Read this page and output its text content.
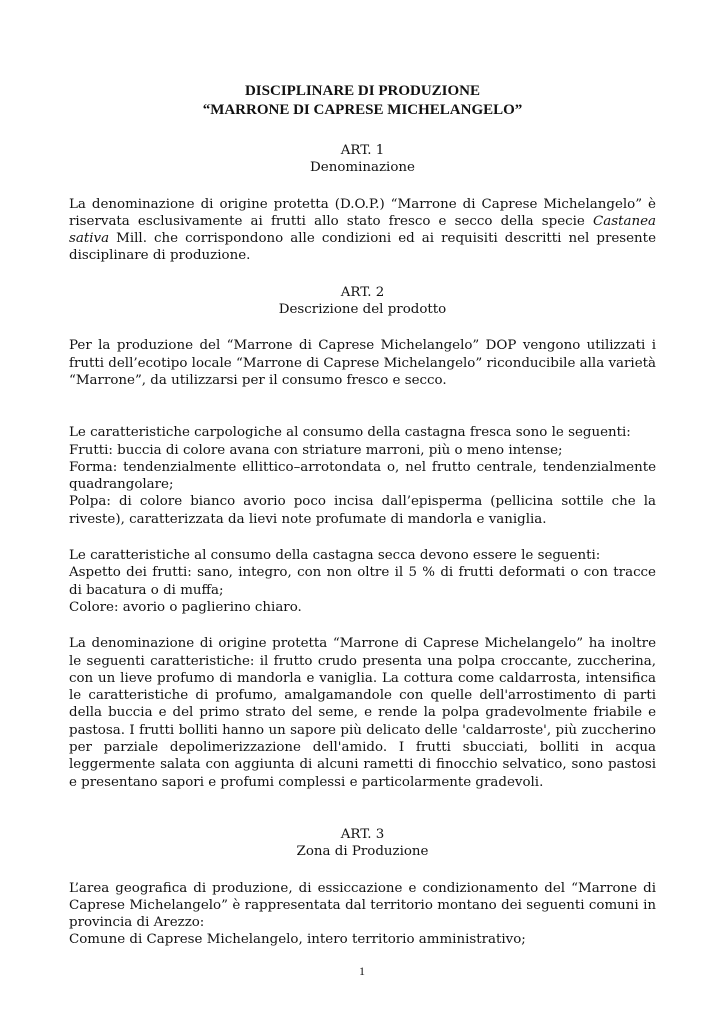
DISCIPLINARE DI PRODUZIONE
“MARRONE DI CAPRESE MICHELANGELO”
ART. 1
Denominazione

La denominazione di origine protetta (D.O.P.) “Marrone di Caprese Michelangelo” è riservata esclusivamente ai frutti allo stato fresco e secco della specie Castanea sativa Mill. che corrispondono alle condizioni ed ai requisiti descritti nel presente disciplinare di produzione.

ART. 2
Descrizione del prodotto

Per la produzione del “Marrone di Caprese Michelangelo” DOP vengono utilizzati i frutti dell’ecotipo locale “Marrone di Caprese Michelangelo” riconducibile alla varietà “Marrone”, da utilizzarsi per il consumo fresco e secco.

Le caratteristiche carpologiche al consumo della castagna fresca sono le seguenti:

Frutti: buccia di colore avana con striature marroni, più o meno intense;

Forma: tendenzialmente ellittico–arrotondata o, nel frutto centrale, tendenzialmente quadrangolare;

Polpa: di colore bianco avorio poco incisa dall’episperma (pellicina sottile che la riveste), caratterizzata da lievi note profumate di mandorla e vaniglia.

Le caratteristiche al consumo della castagna secca devono essere le seguenti:

Aspetto dei frutti: sano, integro, con non oltre il 5 % di frutti deformati o con tracce di bacatura o di muffa;

Colore: avorio o paglierino chiaro.

La denominazione di origine protetta “Marrone di Caprese Michelangelo” ha inoltre le seguenti caratteristiche: il frutto crudo presenta una polpa croccante, zuccherina, con un lieve profumo di mandorla e vaniglia. La cottura come caldarrosta, intensifica le caratteristiche di profumo, amalgamandole con quelle dell'arrostimento di parti della buccia e del primo strato del seme, e rende la polpa gradevolmente friabile e pastosa. I frutti bolliti hanno un sapore più delicato delle 'caldarroste', più zuccherino per parziale depolimerizzazione dell'amido. I frutti sbucciati, bolliti in acqua leggermente salata con aggiunta di alcuni rametti di finocchio selvatico, sono pastosi e presentano sapori e profumi complessi e particolarmente gradevoli.

ART. 3
Zona di Produzione

L’area geografica di produzione, di essiccazione e condizionamento del “Marrone di Caprese Michelangelo” è rappresentata dal territorio montano dei seguenti comuni in provincia di Arezzo:

Comune di Caprese Michelangelo, intero territorio amministrativo;

1
